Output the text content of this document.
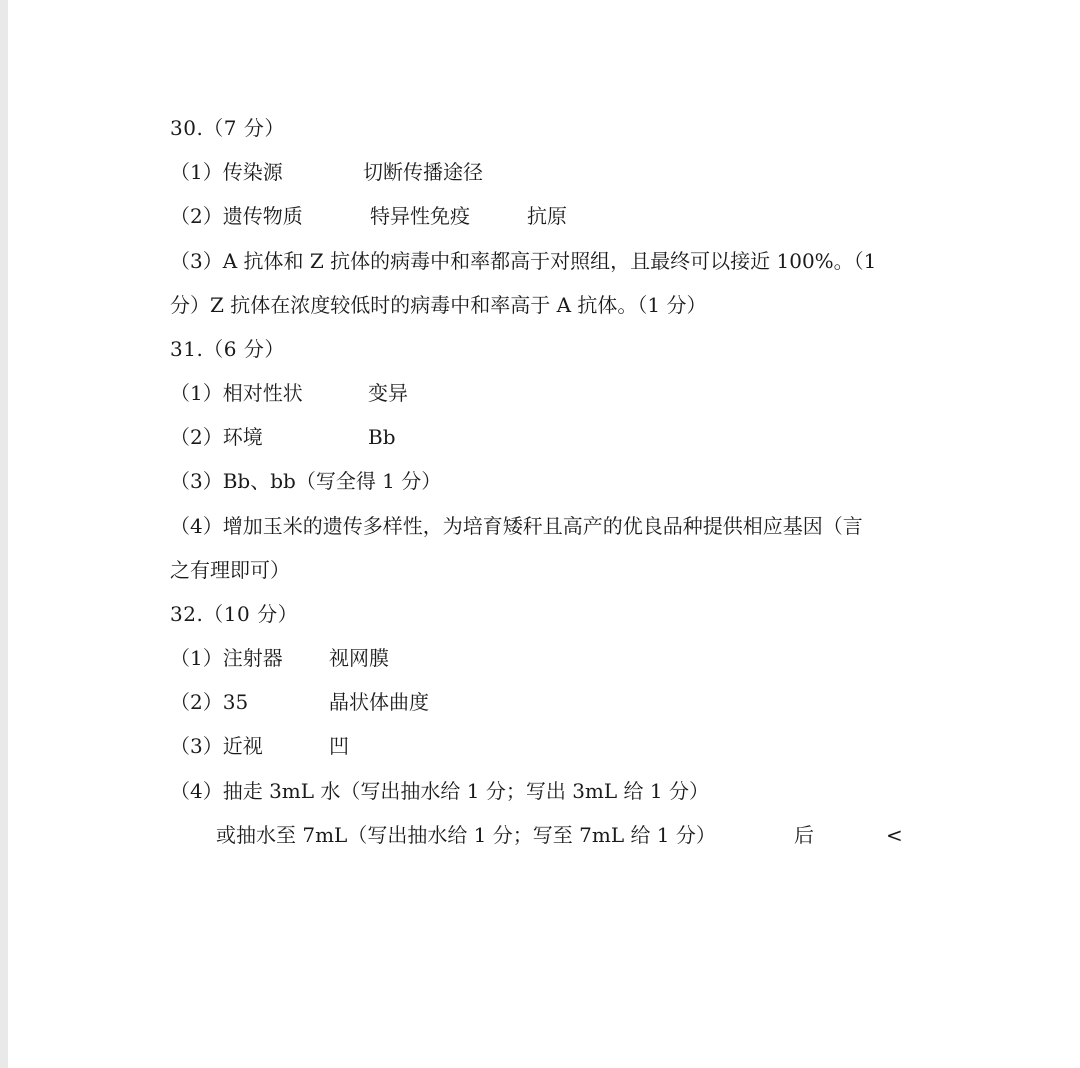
30.（7 分）
（1）传染源	切断传播途径
（2）遗传物质	特异性免疫	抗原
（3）A 抗体和 Z 抗体的病毒中和率都高于对照组，且最终可以接近 100%。（1
分）Z 抗体在浓度较低时的病毒中和率高于 A 抗体。（1 分）
31.（6 分）
（1）相对性状	变异
（2）环境	Bb
（3）Bb、bb（写全得 1 分）
（4）增加玉米的遗传多样性，为培育矮秆且高产的优良品种提供相应基因（言
之有理即可）
32.（10 分）
（1）注射器 视网膜
（2）35	晶状体曲度
（3）近视	凹
（4）抽走 3mL 水（写出抽水给 1 分；写出 3mL 给 1 分）
或抽水至 7mL（写出抽水给 1 分；写至 7mL 给 1 分）	后	<
